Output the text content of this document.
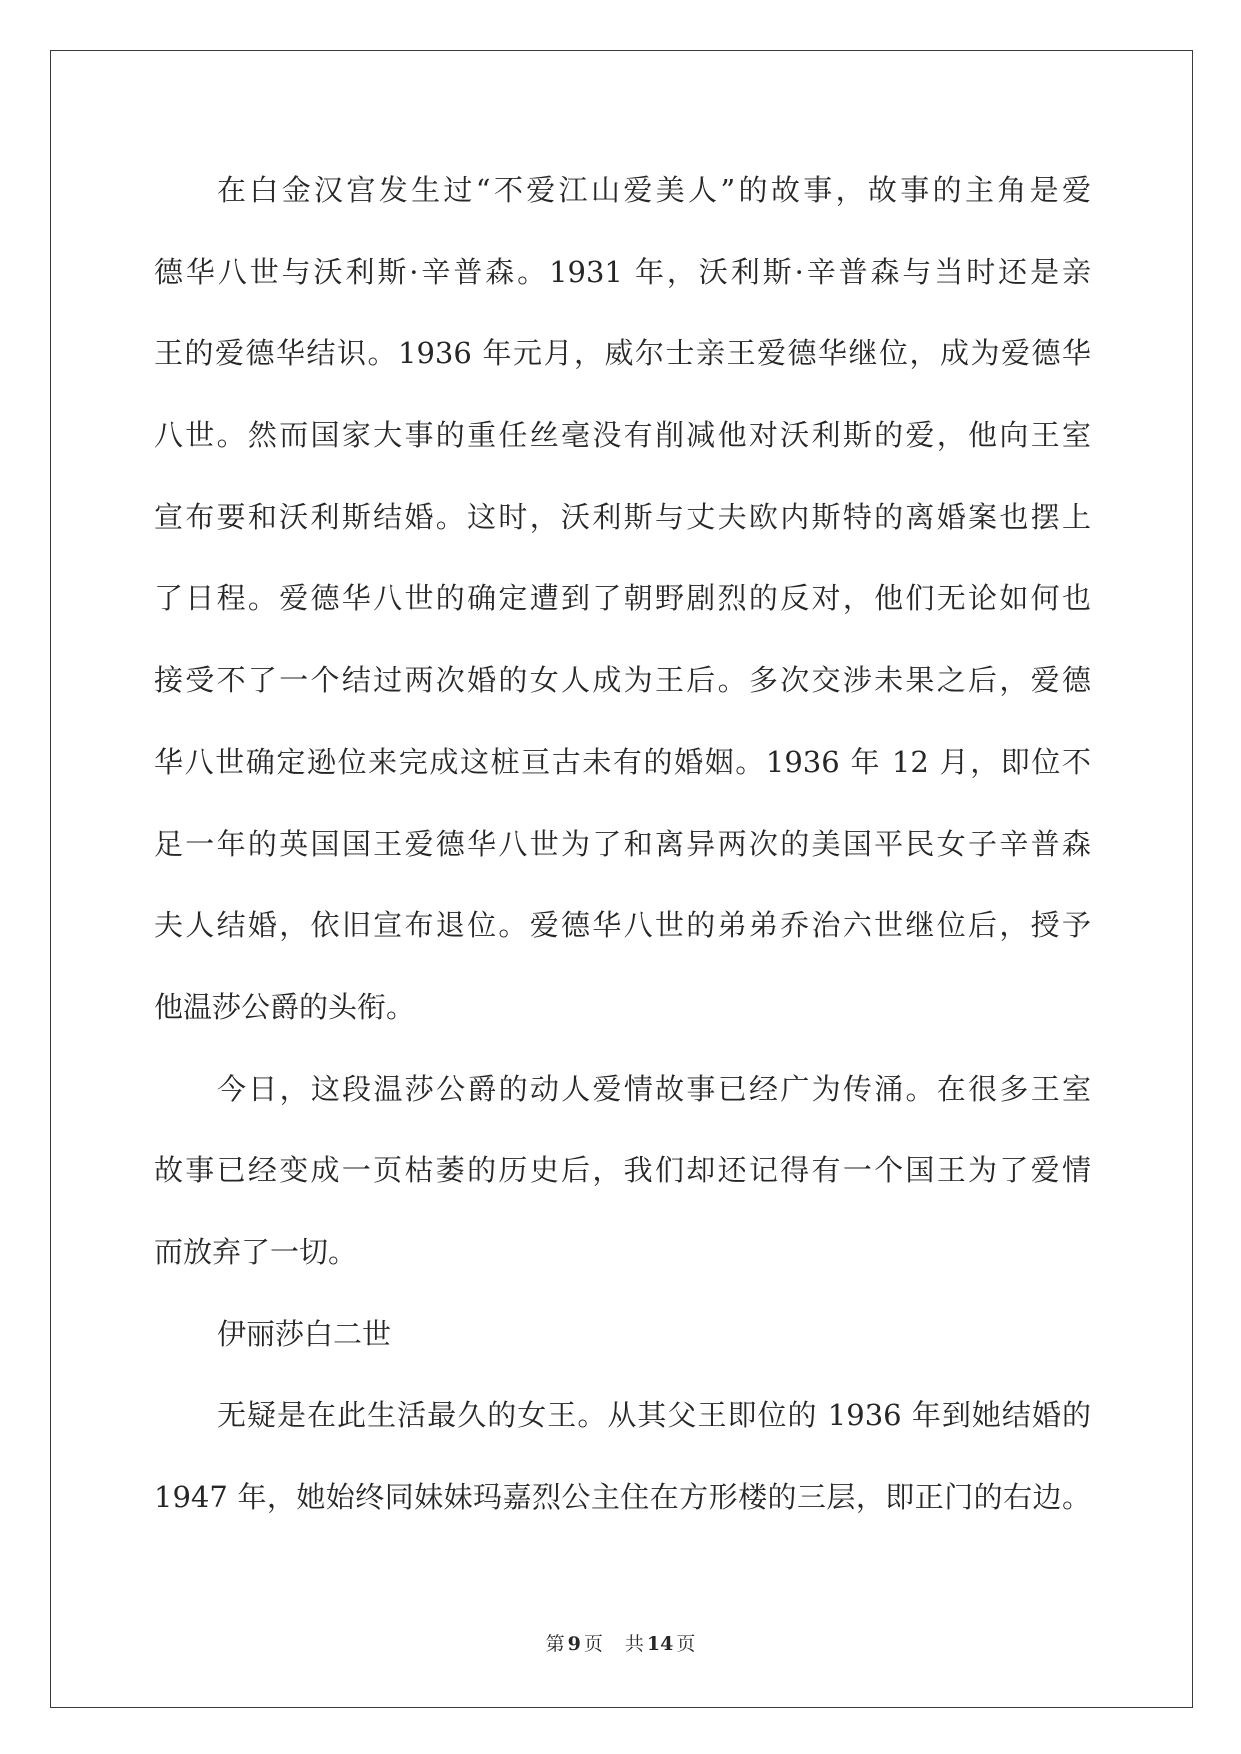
在白金汉宫发生过“不爱江山爱美人”的故事，故事的主角是爱
德华八世与沃利斯·辛普森。1931 年，沃利斯·辛普森与当时还是亲
王的爱德华结识。1936 年元月，威尔士亲王爱德华继位，成为爱德华
八世。然而国家大事的重任丝毫没有削减他对沃利斯的爱，他向王室
宣布要和沃利斯结婚。这时，沃利斯与丈夫欧内斯特的离婚案也摆上
了日程。爱德华八世的确定遭到了朝野剧烈的反对，他们无论如何也
接受不了一个结过两次婚的女人成为王后。多次交涉未果之后，爱德
华八世确定逊位来完成这桩亘古未有的婚姻。1936 年 12 月，即位不
足一年的英国国王爱德华八世为了和离异两次的美国平民女子辛普森
夫人结婚，依旧宣布退位。爱德华八世的弟弟乔治六世继位后，授予
他温莎公爵的头衔。
今日，这段温莎公爵的动人爱情故事已经广为传涌。在很多王室
故事已经变成一页枯萎的历史后，我们却还记得有一个国王为了爱情
而放弃了一切。
伊丽莎白二世
无疑是在此生活最久的女王。从其父王即位的 1936 年到她结婚的
1947 年，她始终同妹妹玛嘉烈公主住在方形楼的三层，即正门的右边。
第 9 页 共 14 页
